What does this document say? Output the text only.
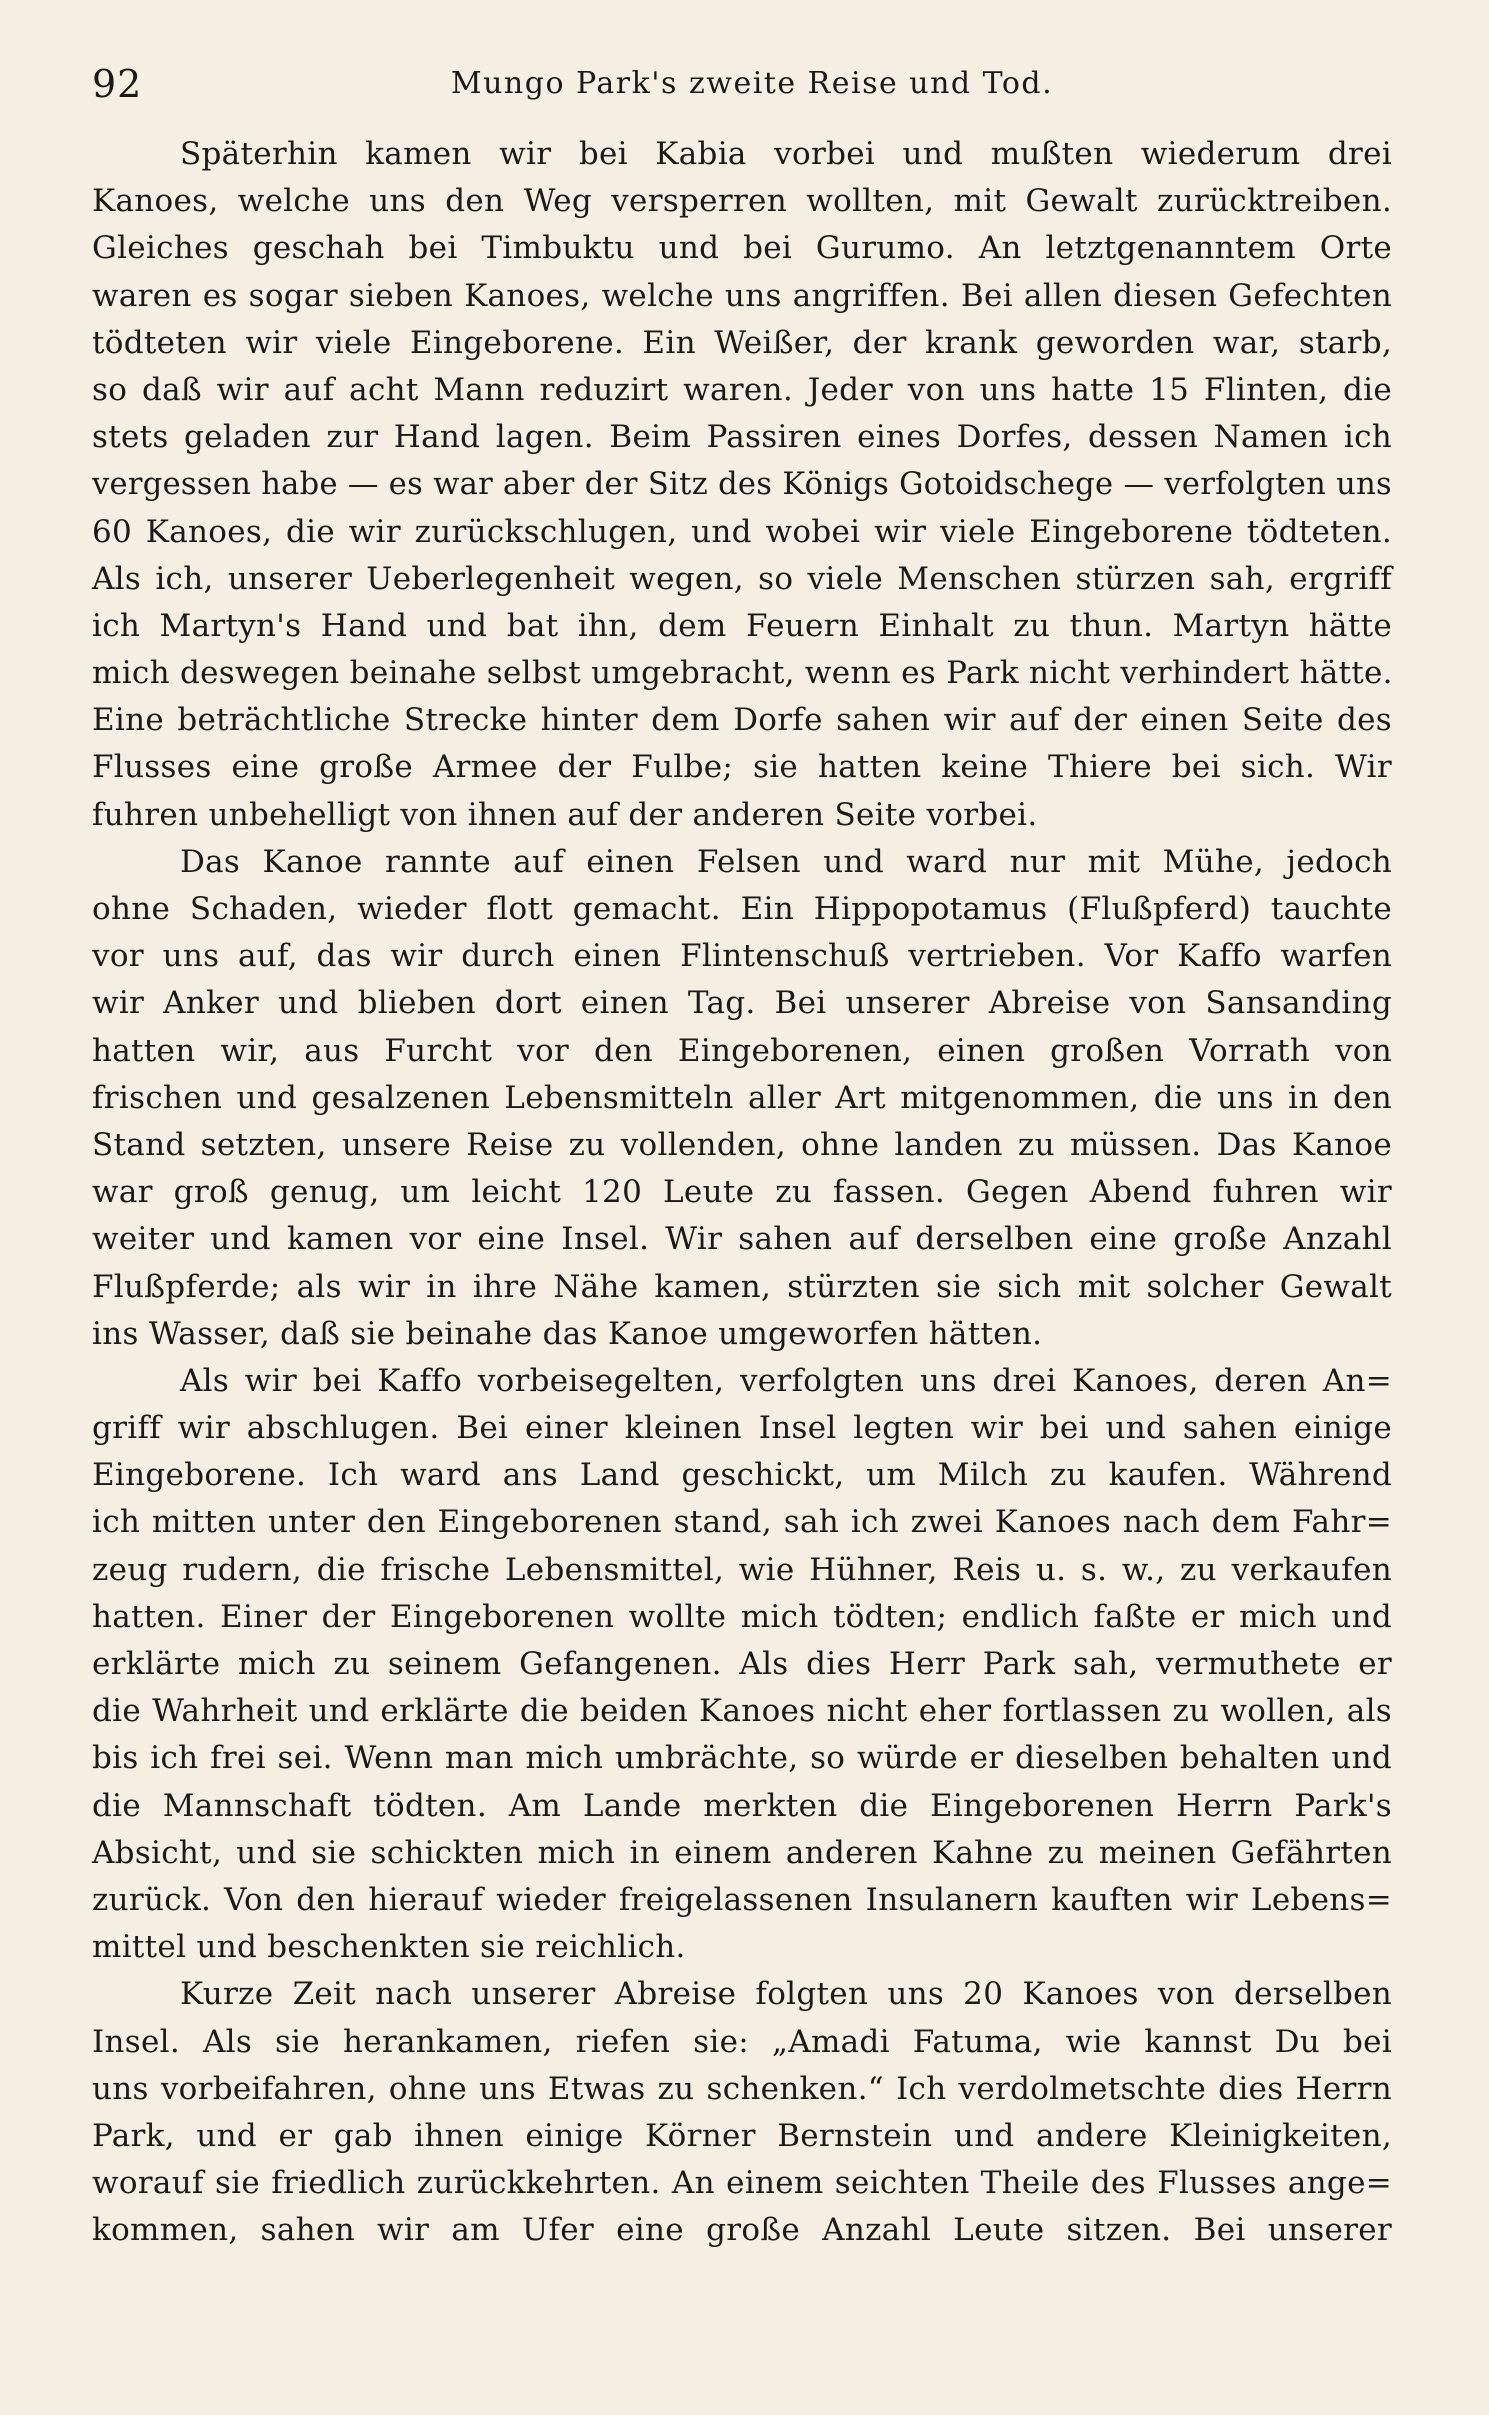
92	Mungo Park's zweite Reise und Tod.
Späterhin kamen wir bei Kabia vorbei und mußten wiederum drei
Kanoes, welche uns den Weg versperren wollten, mit Gewalt zurücktreiben.
Gleiches geschah bei Timbuktu und bei Gurumo. An letztgenanntem Orte
waren es sogar sieben Kanoes, welche uns angriffen. Bei allen diesen Gefechten
tödteten wir viele Eingeborene. Ein Weißer, der krank geworden war, starb,
so daß wir auf acht Mann reduzirt waren. Jeder von uns hatte 15 Flinten, die
stets geladen zur Hand lagen. Beim Passiren eines Dorfes, dessen Namen ich
vergessen habe — es war aber der Sitz des Königs Gotoidschege — verfolgten uns
60 Kanoes, die wir zurückschlugen, und wobei wir viele Eingeborene tödteten.
Als ich, unserer Ueberlegenheit wegen, so viele Menschen stürzen sah, ergriff
ich Martyn's Hand und bat ihn, dem Feuern Einhalt zu thun. Martyn hätte
mich deswegen beinahe selbst umgebracht, wenn es Park nicht verhindert hätte.
Eine beträchtliche Strecke hinter dem Dorfe sahen wir auf der einen Seite des
Flusses eine große Armee der Fulbe; sie hatten keine Thiere bei sich. Wir
fuhren unbehelligt von ihnen auf der anderen Seite vorbei.
Das Kanoe rannte auf einen Felsen und ward nur mit Mühe, jedoch
ohne Schaden, wieder flott gemacht. Ein Hippopotamus (Flußpferd) tauchte
vor uns auf, das wir durch einen Flintenschuß vertrieben. Vor Kaffo warfen
wir Anker und blieben dort einen Tag. Bei unserer Abreise von Sansanding
hatten wir, aus Furcht vor den Eingeborenen, einen großen Vorrath von
frischen und gesalzenen Lebensmitteln aller Art mitgenommen, die uns in den
Stand setzten, unsere Reise zu vollenden, ohne landen zu müssen. Das Kanoe
war groß genug, um leicht 120 Leute zu fassen. Gegen Abend fuhren wir
weiter und kamen vor eine Insel. Wir sahen auf derselben eine große Anzahl
Flußpferde; als wir in ihre Nähe kamen, stürzten sie sich mit solcher Gewalt
ins Wasser, daß sie beinahe das Kanoe umgeworfen hätten.
Als wir bei Kaffo vorbeisegelten, verfolgten uns drei Kanoes, deren An=
griff wir abschlugen. Bei einer kleinen Insel legten wir bei und sahen einige
Eingeborene. Ich ward ans Land geschickt, um Milch zu kaufen. Während
ich mitten unter den Eingeborenen stand, sah ich zwei Kanoes nach dem Fahr=
zeug rudern, die frische Lebensmittel, wie Hühner, Reis u. s. w., zu verkaufen
hatten. Einer der Eingeborenen wollte mich tödten; endlich faßte er mich und
erklärte mich zu seinem Gefangenen. Als dies Herr Park sah, vermuthete er
die Wahrheit und erklärte die beiden Kanoes nicht eher fortlassen zu wollen, als
bis ich frei sei. Wenn man mich umbrächte, so würde er dieselben behalten und
die Mannschaft tödten. Am Lande merkten die Eingeborenen Herrn Park's
Absicht, und sie schickten mich in einem anderen Kahne zu meinen Gefährten
zurück. Von den hierauf wieder freigelassenen Insulanern kauften wir Lebens=
mittel und beschenkten sie reichlich.
Kurze Zeit nach unserer Abreise folgten uns 20 Kanoes von derselben
Insel. Als sie herankamen, riefen sie: „Amadi Fatuma, wie kannst Du bei
uns vorbeifahren, ohne uns Etwas zu schenken.“ Ich verdolmetschte dies Herrn
Park, und er gab ihnen einige Körner Bernstein und andere Kleinigkeiten,
worauf sie friedlich zurückkehrten. An einem seichten Theile des Flusses ange=
kommen, sahen wir am Ufer eine große Anzahl Leute sitzen. Bei unserer
